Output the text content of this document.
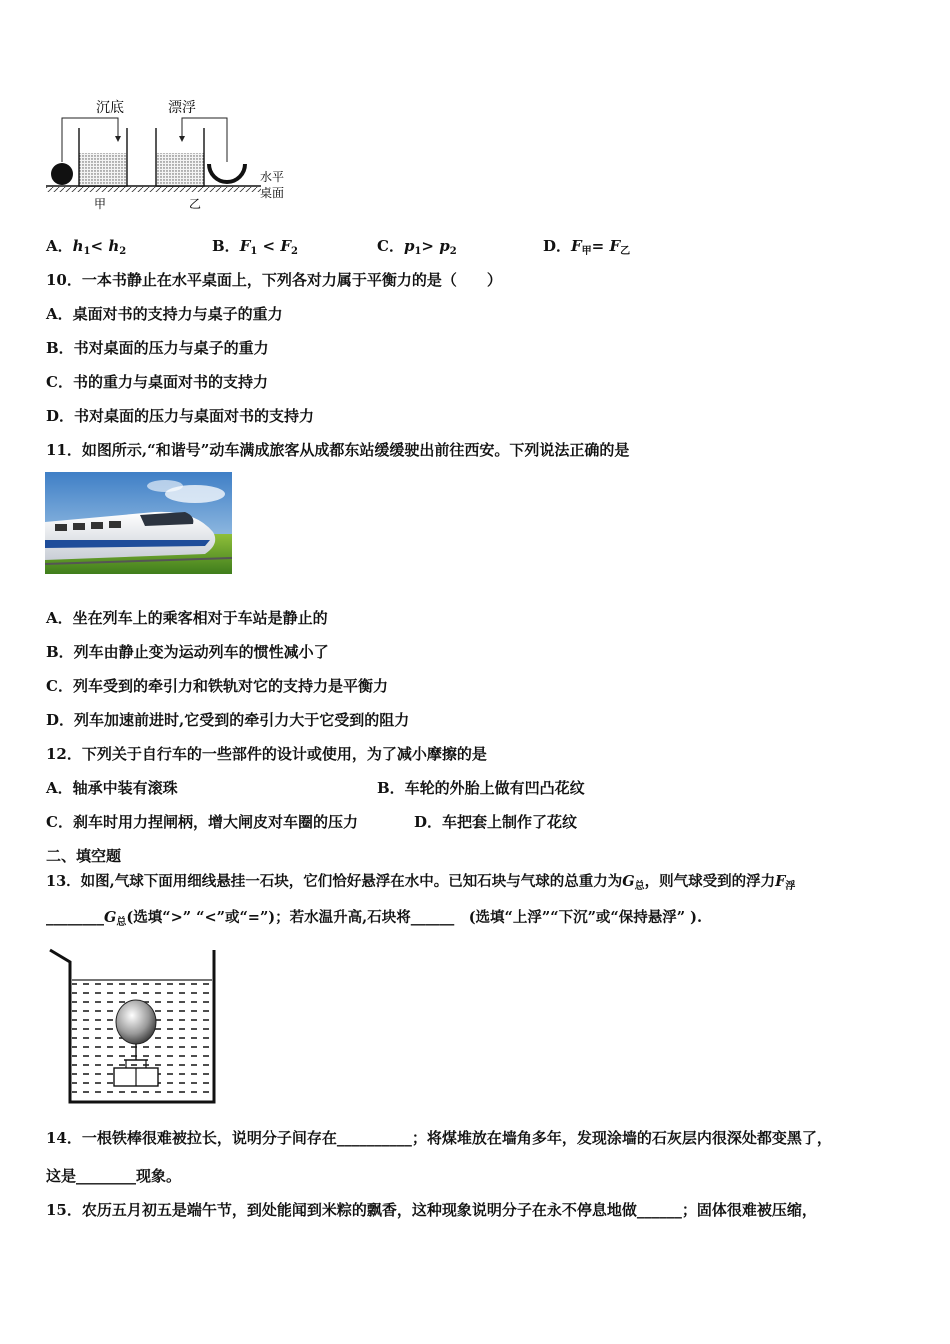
沉底	漂浮
水平
桌面
甲	乙
A．$h_1< h_2$	B．$F_1 < F_2$	C．$p_1> p_2$	D．$F_甲= F_乙$
10．一本书静止在水平桌面上，下列各对力属于平衡力的是（　　）
A．桌面对书的支持力与桌子的重力
B．书对桌面的压力与桌子的重力
C．书的重力与桌面对书的支持力
D．书对桌面的压力与桌面对书的支持力
11．如图所示,“和谐号”动车满成旅客从成都东站缓缓驶出前往西安。下列说法正确的是
A．坐在列车上的乘客相对于车站是静止的
B．列车由静止变为运动列车的惯性减小了
C．列车受到的牵引力和铁轨对它的支持力是平衡力
D．列车加速前进时,它受到的牵引力大于它受到的阻力
12．下列关于自行车的一些部件的设计或使用，为了减小摩擦的是
A．轴承中装有滚珠	B．车轮的外胎上做有凹凸花纹
C．刹车时用力捏闸柄，增大闸皮对车圈的压力	D．车把套上制作了花纹
二、填空题
13．如图,气球下面用细线悬挂一石块，它们恰好悬浮在水中。已知石块与气球的总重力为$G_总$，则气球受到的浮力$F_浮$
$\_\_\_\_\_\_\_\_G_总$(选填“>” “<”或“=”)；若水温升高,石块将______　(选填“上浮”“下沉”或“保持悬浮” ).
14．一根铁棒很难被拉长，说明分子间存在__________；将煤堆放在墙角多年，发现涂墙的石灰层内很深处都变黑了，
这是________现象。
15．农历五月初五是端午节，到处能闻到米粽的飘香，这种现象说明分子在永不停息地做______；固体很难被压缩，
